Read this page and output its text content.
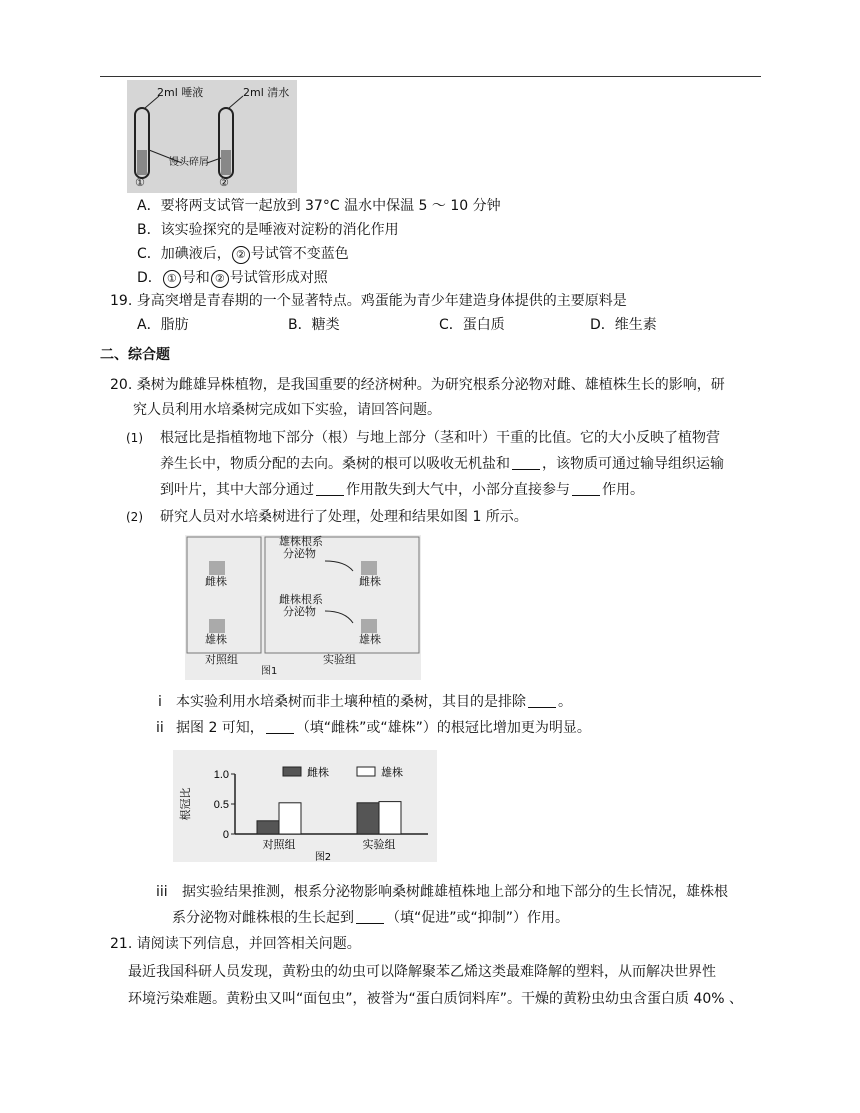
2ml 唾液	2ml 清水
馒头碎屑
①	②
A．要将两支试管一起放到 37°C 温水中保温 5 ～ 10 分钟
B．该实验探究的是唾液对淀粉的消化作用
C．加碘液后， ② 号试管不变蓝色
D． ① 号和 ② 号试管形成对照
19. 身高突增是青春期的一个显著特点。鸡蛋能为青少年建造身体提供的主要原料是
A．脂肪	B．糖类	C．蛋白质	D．维生素
二、综合题
20. 桑树为雌雄异株植物，是我国重要的经济树种。为研究根系分泌物对雌、雄植株生长的影响，研
究人员利用水培桑树完成如下实验，请回答问题。
(1) 根冠比是指植物地下部分（根）与地上部分（茎和叶）干重的比值。它的大小反映了植物营
养生长中，物质分配的去向。桑树的根可以吸收无机盐和 ，该物质可通过输导组织运输
到叶片，其中大部分通过 作用散失到大气中，小部分直接参与 作用。
(2) 研究人员对水培桑树进行了处理，处理和结果如图 1 所示。
雌株
雄株
雄株根系
分泌物
雌株
雌株根系
分泌物
雄株
对照组	实验组
图1
i 本实验利用水培桑树而非土壤种植的桑树，其目的是排除 。
ii 据图 2 可知， （填“雌株”或“雄株”）的根冠比增加更为明显。
1.0
0.5
0
根冠比
对照组	实验组
雌株	雄株
图2
iii 据实验结果推测，根系分泌物影响桑树雌雄植株地上部分和地下部分的生长情况，雄株根
系分泌物对雌株根的生长起到 （填“促进”或“抑制”）作用。
21. 请阅读下列信息，并回答相关问题。
最近我国科研人员发现，黄粉虫的幼虫可以降解聚苯乙烯这类最难降解的塑料，从而解决世界性
环境污染难题。黄粉虫又叫“面包虫”，被誉为“蛋白质饲料库”。干燥的黄粉虫幼虫含蛋白质 40% 、
